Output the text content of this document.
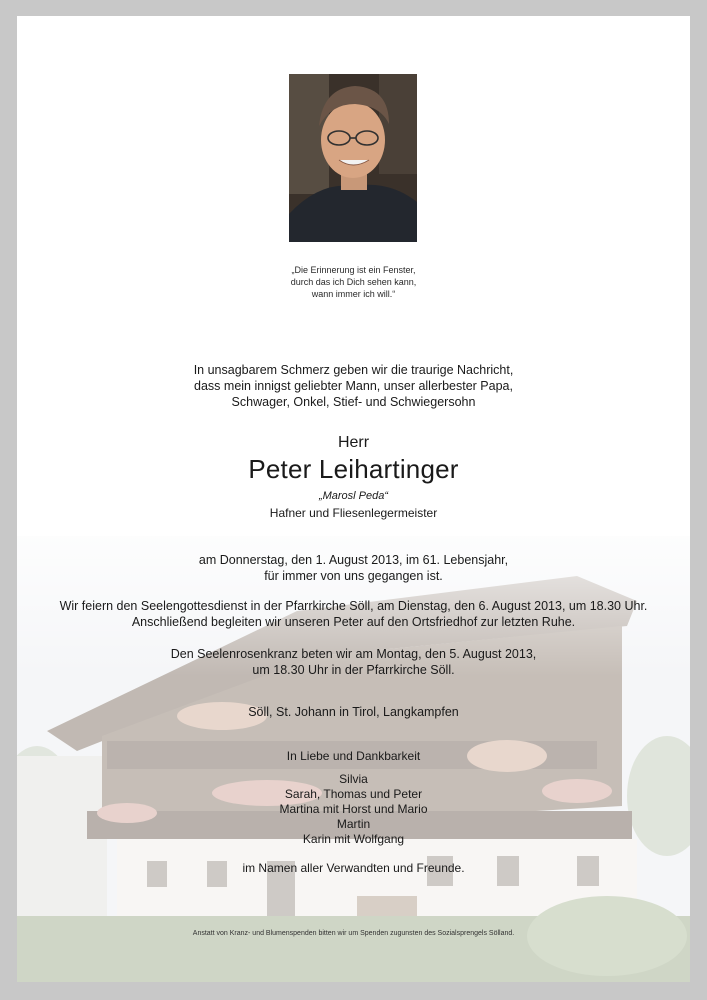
„Die Erinnerung ist ein Fenster,
durch das ich Dich sehen kann,
wann immer ich will.“
In unsagbarem Schmerz geben wir die traurige Nachricht,
dass mein innigst geliebter Mann, unser allerbester Papa,
Schwager, Onkel, Stief- und Schwiegersohn
Herr
Peter Leihartinger
„Marosl Peda“
Hafner und Fliesenlegermeister
am Donnerstag, den 1. August 2013, im 61. Lebensjahr,
für immer von uns gegangen ist.
Wir feiern den Seelengottesdienst in der Pfarrkirche Söll, am Dienstag, den 6. August 2013, um 18.30 Uhr.
Anschließend begleiten wir unseren Peter auf den Ortsfriedhof zur letzten Ruhe.
Den Seelenrosenkranz beten wir am Montag, den 5. August 2013,
um 18.30 Uhr in der Pfarrkirche Söll.
Söll, St. Johann in Tirol, Langkampfen
In Liebe und Dankbarkeit
Silvia
Sarah, Thomas und Peter
Martina mit Horst und Mario
Martin
Karin mit Wolfgang
im Namen aller Verwandten und Freunde.
Anstatt von Kranz- und Blumenspenden bitten wir um Spenden zugunsten des Sozialsprengels Sölland.
